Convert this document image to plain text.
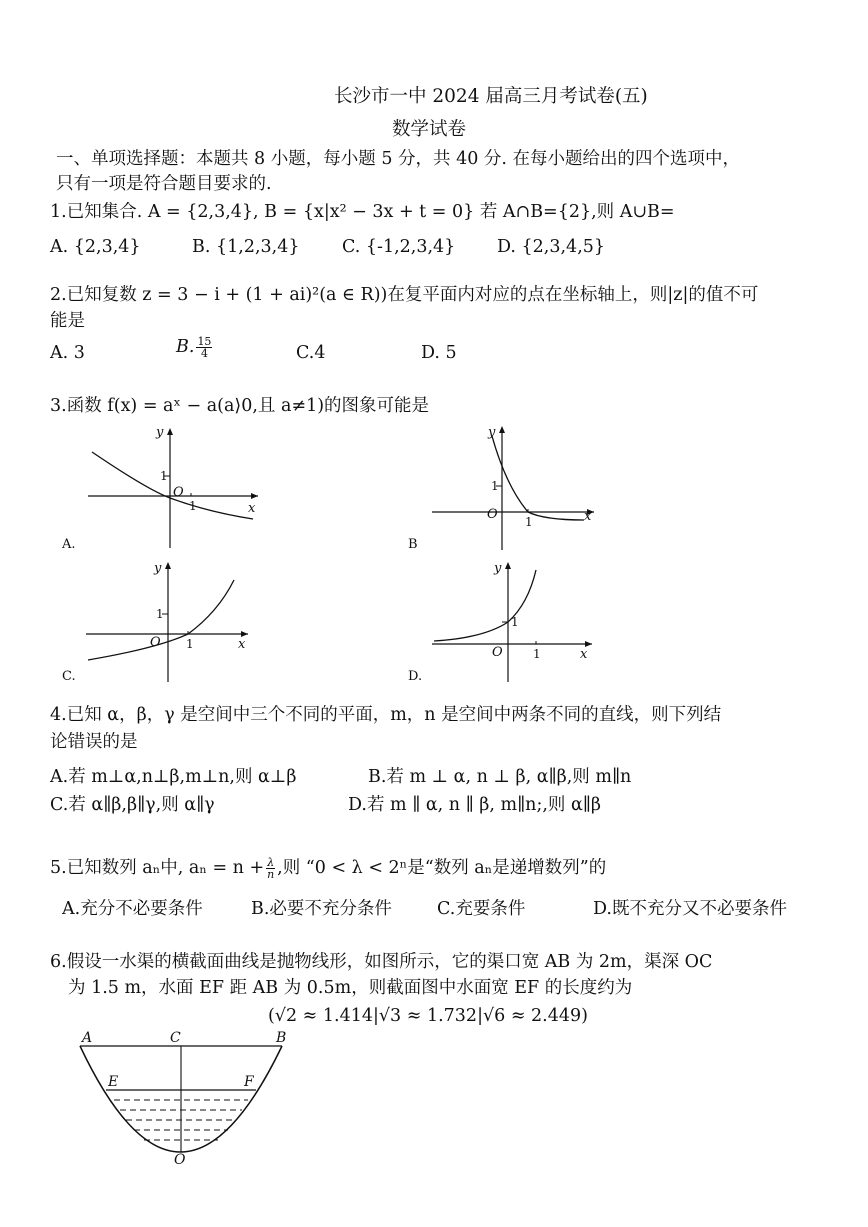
长沙市一中 2024 届高三月考试卷(五)
数学试卷
一、单项选择题：本题共 8 小题，每小题 5 分，共 40 分. 在每小题给出的四个选项中，
只有一项是符合题目要求的.
1.已知集合. A = {2,3,4}, B = {x|x² − 3x + t = 0} 若 A∩B={2},则 A∪B=
A. {2,3,4}	B. {1,2,3,4} C. {-1,2,3,4} D. {2,3,4,5}
2.已知复数 z = 3 − i + (1 + ai)²(a ∈ R))在复平面内对应的点在坐标轴上，则|z|的值不可
能是
A. 3	B. $\frac{15}{4}$	C.4	D. 5
3.函数 f(x) = aˣ − a(a⟩0,且 a≠1)的图象可能是
y
x
O
1
1
A.
y
x
O
1
1
B
y
x
O
1
1
C.
y
x
O
1
1
D.
4.已知 α，β，γ 是空间中三个不同的平面，m，n 是空间中两条不同的直线，则下列结
论错误的是
A.若 m⊥α,n⊥β,m⊥n,则 α⊥β	B.若 m ⊥ α, n ⊥ β, α∥β,则 m∥n
C.若 α∥β,β∥γ,则 α∥γ	D.若 m ∥ α, n ∥ β, m∥n;,则 α∥β
5.已知数列 aₙ中, $a_n = n + \frac{\lambda}{n}$ ,则 “0 < λ < 2ⁿ是“数列 aₙ是递增数列”的
A.充分不必要条件	B.必要不充分条件	C.充要条件	D.既不充分又不必要条件
6.假设一水渠的横截面曲线是抛物线形，如图所示，它的渠口宽 AB 为 2m，渠深 OC
为 1.5 m，水面 EF 距 AB 为 0.5m，则截面图中水面宽 EF 的长度约为
(√2 ≈ 1.414|√3 ≈ 1.732|√6 ≈ 2.449)
A	C	B
E	F
O
